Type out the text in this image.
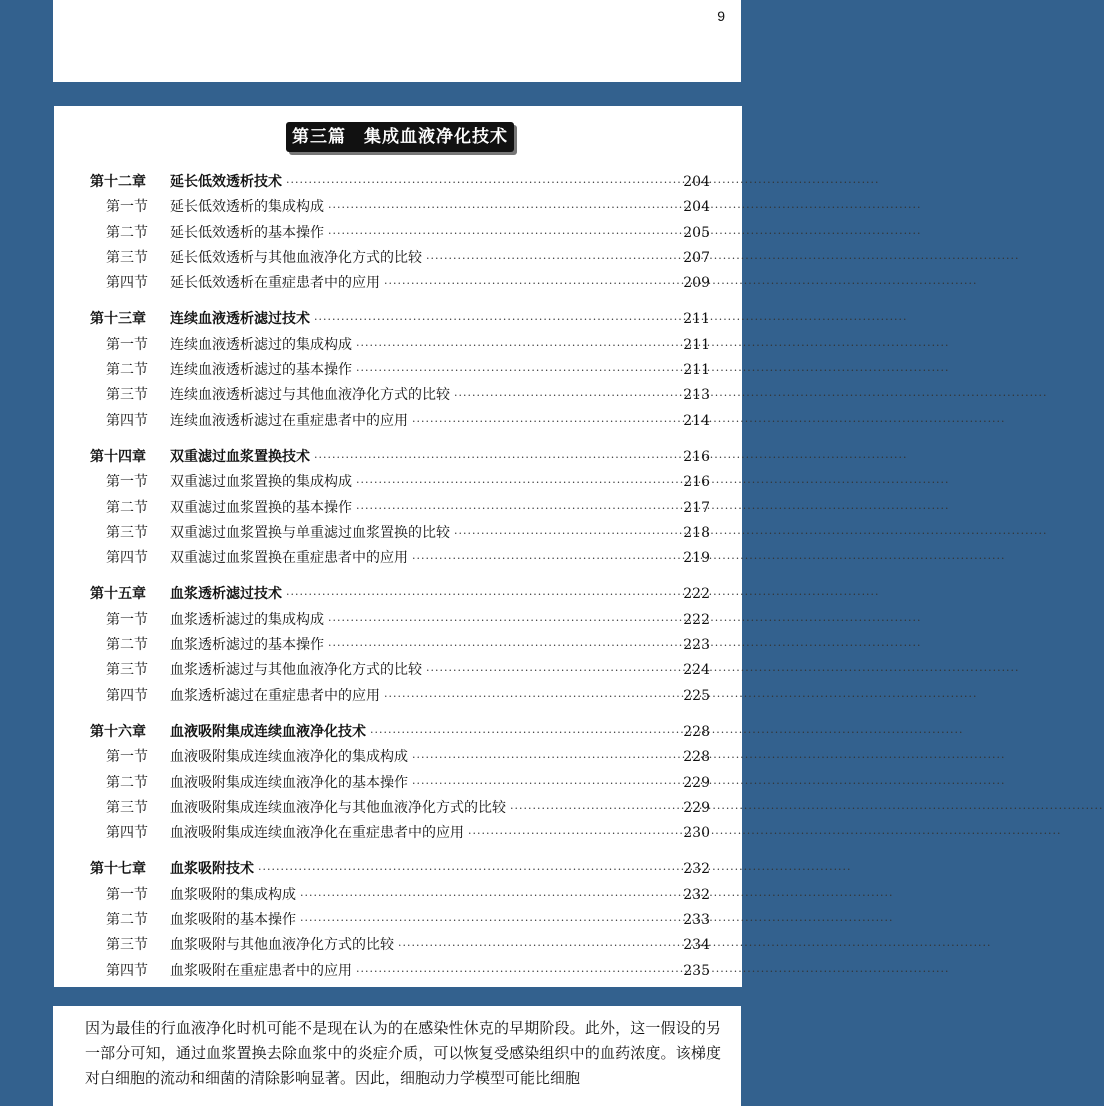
9
第三篇　集成血液净化技术
第十二章	延长低效透析技术 ·····	204
第一节	延长低效透析的集成构成 ·····	204
第二节	延长低效透析的基本操作 ·····	205
第三节	延长低效透析与其他血液净化方式的比较 ·····	207
第四节	延长低效透析在重症患者中的应用 ·····	209
第十三章	连续血液透析滤过技术 ·····	211
第一节	连续血液透析滤过的集成构成 ·····	211
第二节	连续血液透析滤过的基本操作 ·····	211
第三节	连续血液透析滤过与其他血液净化方式的比较 ·····	213
第四节	连续血液透析滤过在重症患者中的应用 ·····	214
第十四章	双重滤过血浆置换技术 ·····	216
第一节	双重滤过血浆置换的集成构成 ·····	216
第二节	双重滤过血浆置换的基本操作 ·····	217
第三节	双重滤过血浆置换与单重滤过血浆置换的比较 ·····	218
第四节	双重滤过血浆置换在重症患者中的应用 ·····	219
第十五章	血浆透析滤过技术 ·····	222
第一节	血浆透析滤过的集成构成 ·····	222
第二节	血浆透析滤过的基本操作 ·····	223
第三节	血浆透析滤过与其他血液净化方式的比较 ·····	224
第四节	血浆透析滤过在重症患者中的应用 ·····	225
第十六章	血液吸附集成连续血液净化技术 ·····	228
第一节	血液吸附集成连续血液净化的集成构成 ·····	228
第二节	血液吸附集成连续血液净化的基本操作 ·····	229
第三节	血液吸附集成连续血液净化与其他血液净化方式的比较 ·····	229
第四节	血液吸附集成连续血液净化在重症患者中的应用 ·····	230
第十七章	血浆吸附技术 ·····	232
第一节	血浆吸附的集成构成 ·····	232
第二节	血浆吸附的基本操作 ·····	233
第三节	血浆吸附与其他血液净化方式的比较 ·····	234
第四节	血浆吸附在重症患者中的应用 ·····	235

因为最佳的行血液净化时机可能不是现在认为的在感染性休克的早期阶段。此外，这一假设的另一部分可知，通过血浆置换去除血浆中的炎症介质，可以恢复受感染组织中的血药浓度。该梯度对白细胞的流动和细菌的清除影响显著。因此，细胞动力学模型可能比细胞
